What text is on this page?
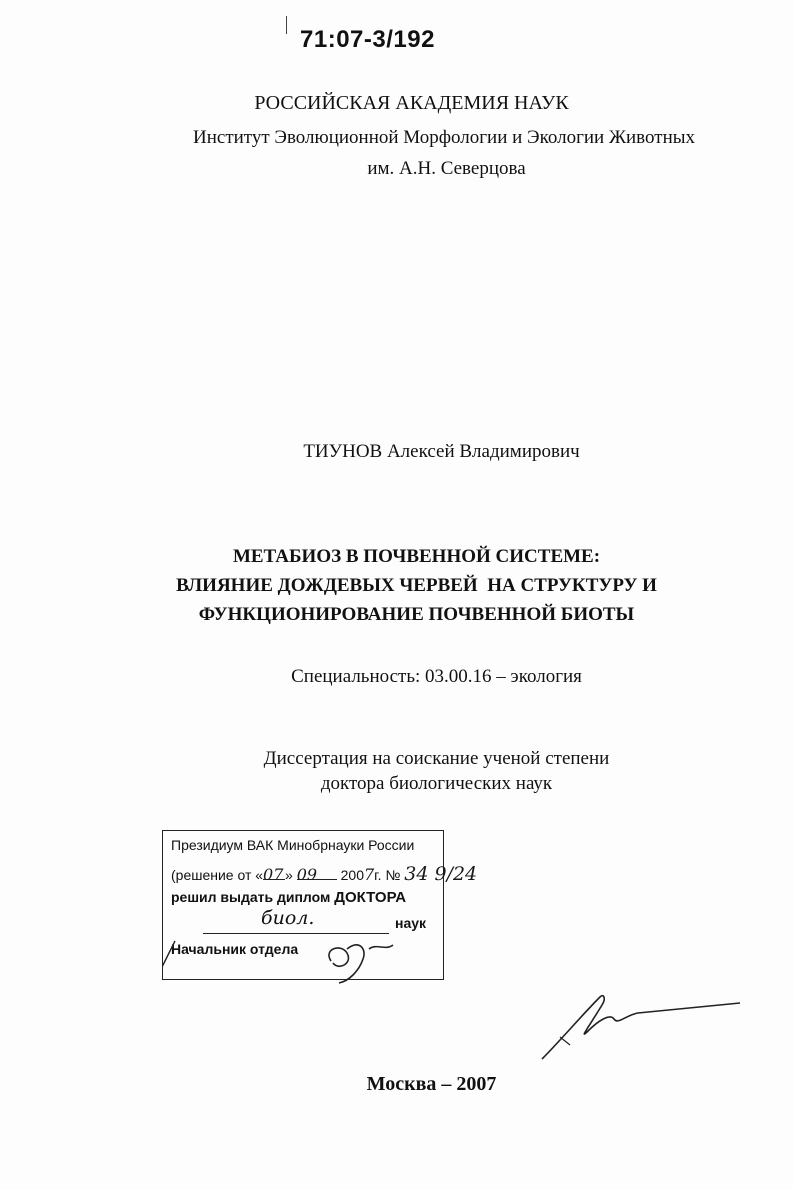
71:07-3/192
РОССИЙСКАЯ АКАДЕМИЯ НАУК
Институт Эволюционной Морфологии и Экологии Животных
им. А.Н. Северцова
ТИУНОВ Алексей Владимирович
МЕТАБИОЗ В ПОЧВЕННОЙ СИСТЕМЕ:
ВЛИЯНИЕ ДОЖДЕВЫХ ЧЕРВЕЙ  НА СТРУКТУРУ И
ФУНКЦИОНИРОВАНИЕ ПОЧВЕННОЙ БИОТЫ
Специальность: 03.00.16 – экология
Диссертация на соискание ученой степени
доктора биологических наук
Президиум ВАК Минобрнауки России
(решение от «07 » 09 2007г. № 34 9/24
решил выдать диплом ДОКТОРА
биол.	наук
Начальник отдела
Москва – 2007
